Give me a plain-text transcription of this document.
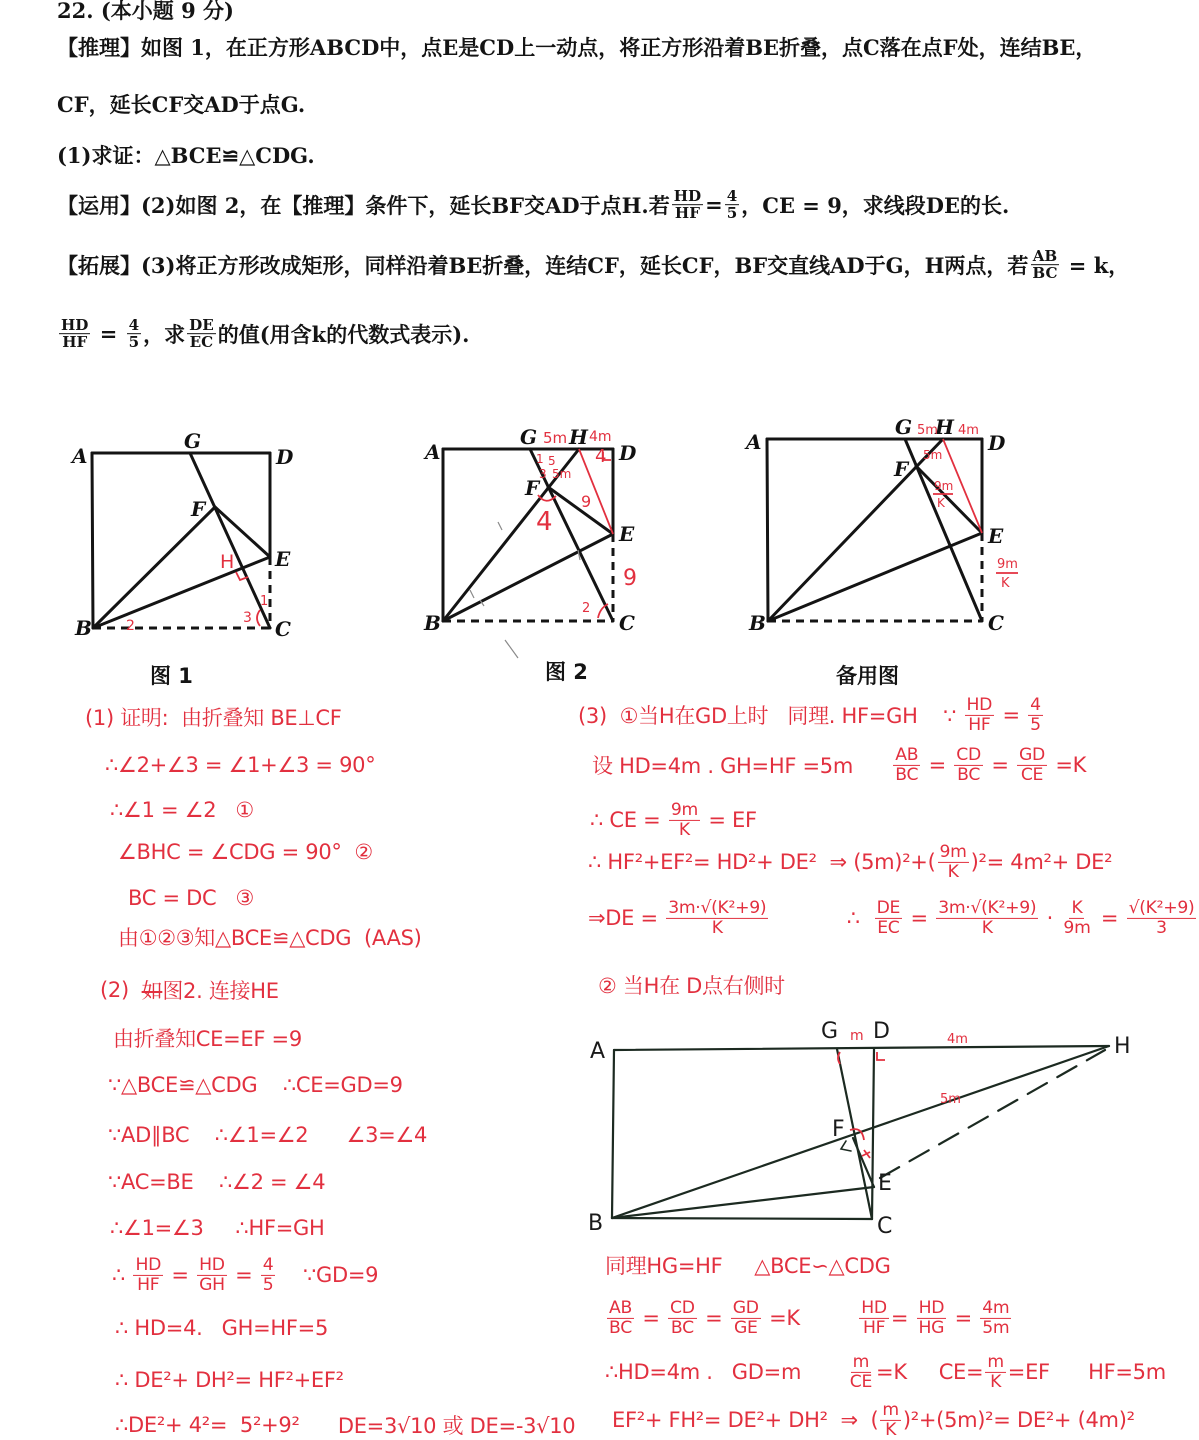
22. (本小题 9 分)
【推理】如图 1，在正方形ABCD中，点E是CD上一动点，将正方形沿着BE折叠，点C落在点F处，连结BE，
CF，延长CF交AD于点G.
(1)求证：△BCE≌△CDG.
【运用】(2)如图 2，在【推理】条件下，延长BF交AD于点H.若 $\frac{HD}{HF} = \frac{4}{5}$ ，CE = 9，求线段DE的长.
【拓展】(3)将正方形改成矩形，同样沿着BE折叠，连结CF，延长CF，BF交直线AD于G，H两点，若 $\frac{AB}{BC} = k$，
$\frac{HD}{HF} = \frac{4}{5}$ ，求 $\frac{DE}{EC}$ 的值(用含k的代数式表示).
图 1	图 2	备用图
A
G
D
F
E
B	C
H
2	3
1
A
G H
D
F
E
B	C
5m 4m
1 5
3 5m
4
9
4
9
2
A
G H
D
F
E
B	C
5m 4m
5m
9m
K
9m
K
A
G D
H
B	C
F
E
m	4m
5m
(1) 证明:  由折叠知 BE⊥CF
∴∠2+∠3 = ∠1+∠3 = 90°
∴∠1 = ∠2   ①
∠BHC = ∠CDG = 90°  ②
BC = DC   ③
由①②③知△BCE≌△CDG  (AAS)
(2) 如 图2. 连接HE
由折叠知CE=EF =9
∵△BCE≌△CDG    ∴CE=GD=9
∵AD∥BC    ∴∠1=∠2      ∠3=∠4
∵AC=BE    ∴∠2 = ∠4
∴∠1=∠3     ∴HF=GH
∴ $\frac{HD}{HF} = \frac{HD}{GH} = \frac{4}{5}$ ∵GD=9
∴ HD=4.   GH=HF=5
∴ DE²+ DH²= HF²+EF²
∴DE²+ 4²=  5²+9² DE=3√10 或 DE=-3√10
(3)  ①当H在GD上时   同理. HF=GH    ∵ $\frac{HD}{HF} = \frac{4}{5}$
设 HD=4m . $GH=HF =5m \frac{AB}{BC} = \frac{CD}{BC} = \frac{GD}{CE} =K$
∴ CE = $\frac{9m}{K}$ = EF
∴ HF²+EF²= HD²+ DE²  ⇒ $(5m)^2+( \frac{9m}{K} )^2= 4m^2+ DE^2$
⇒DE = $\frac{\text{3m·√(K²+9)}}{K}$ ∴ $\frac{DE}{EC} = \frac{\text{3m·√(K²+9)}}{K} \cdot \frac{K}{9m} = \frac{\text{√(K²+9)}}{3}$
② 当H在 D点右侧时
同理HG=HF     △BCE∽△CDG
$\frac{AB}{BC} = \frac{CD}{BC} = \frac{GD}{GE} =K \frac{HD}{HF} = \frac{HD}{HG} = \frac{4m}{5m}$
∴HD=4m .   $GD=m \frac{m}{CE} =K$     $CE= \frac{m}{K} =EF$      HF=5m
EF²+ FH²= DE²+ DH²  ⇒  ( $\frac{m}{K} )^2+(5m)^2= DE^2+ (4m)^2$
